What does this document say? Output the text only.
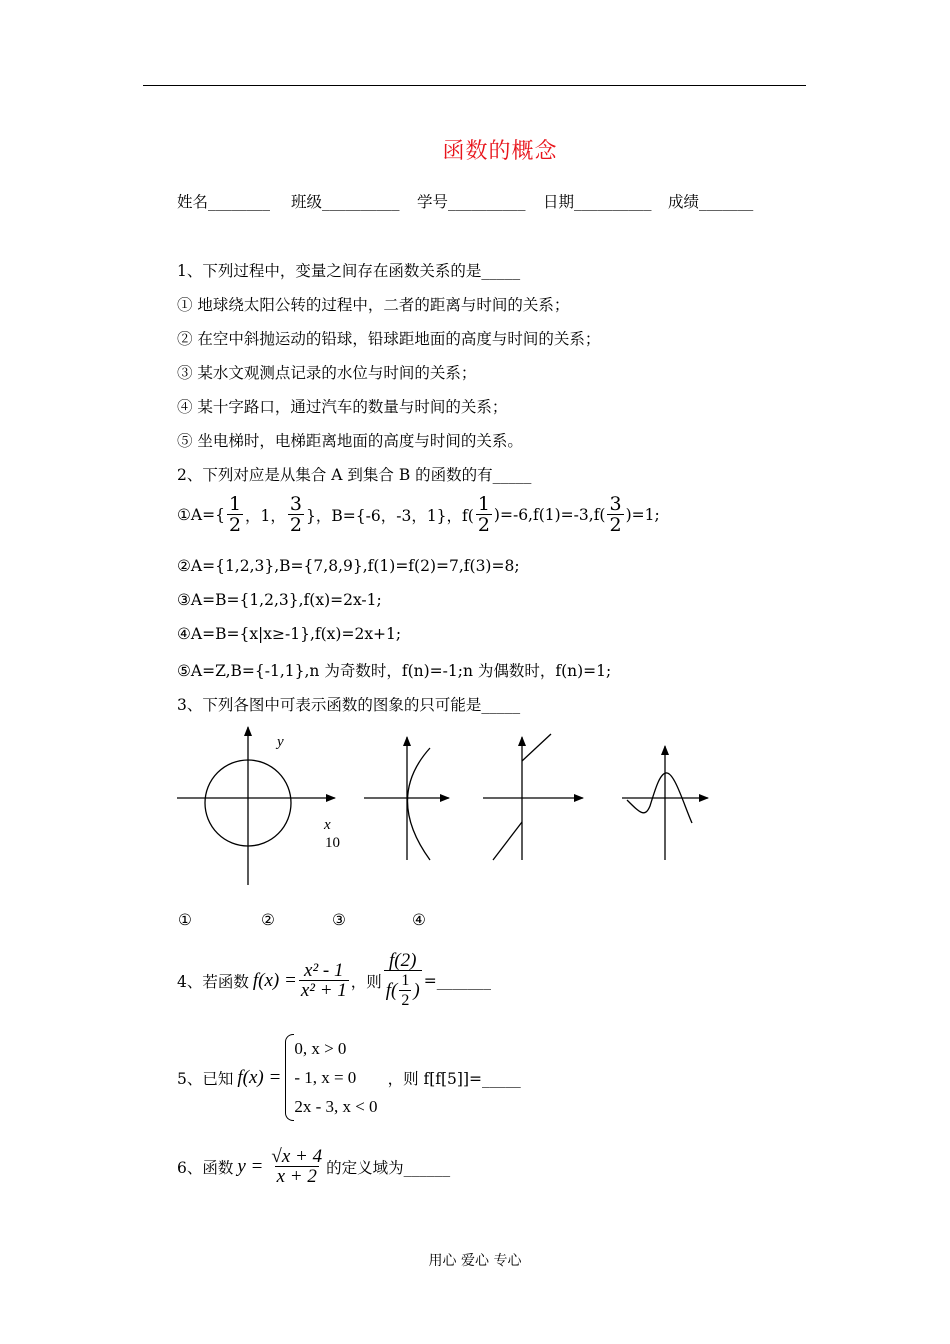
函数的概念
姓名________ 班级__________ 学号__________ 日期__________ 成绩_______
1、下列过程中，变量之间存在函数关系的是_____
① 地球绕太阳公转的过程中，二者的距离与时间的关系；
② 在空中斜抛运动的铅球，铅球距地面的高度与时间的关系；
③ 某水文观测点记录的水位与时间的关系；
④ 某十字路口，通过汽车的数量与时间的关系；
⑤ 坐电梯时，电梯距离地面的高度与时间的关系。
2、下列对应是从集合 A 到集合 B 的函数的有_____
①A={ $\frac{1}{2}$ ，1， $\frac{3}{2}$ }，B={-6，-3，1}，$f( \frac{1}{2} )=-6,f(1)=-3,f( \frac{3}{2} )=1$;
②A={1,2,3},B={7,8,9},f(1)=f(2)=7,f(3)=8;
③A=B={1,2,3},f(x)=2x-1;
④A=B={x|x≥-1},f(x)=2x+1;
⑤A=Z,B={-1,1},n 为奇数时，f(n)=-1;n 为偶数时，f(n)=1;
3、下列各图中可表示函数的图象的只可能是_____
y
x
10
①	②	③	④
4、若函数 $f(x) = \frac{\text{x² - 1}}{\text{x² + 1}}$ ，则 $\frac{f(2)}{f( \frac{1}{2} )}$ =_______
5、已知 f(x) =
0, x > 0
- 1, x = 0
2x - 3, x < 0
，则 f[f[5]]=_____
6、函数 $y = \frac{√x + 4}{x + 2}$ 的定义域为______
用心 爱心 专心
